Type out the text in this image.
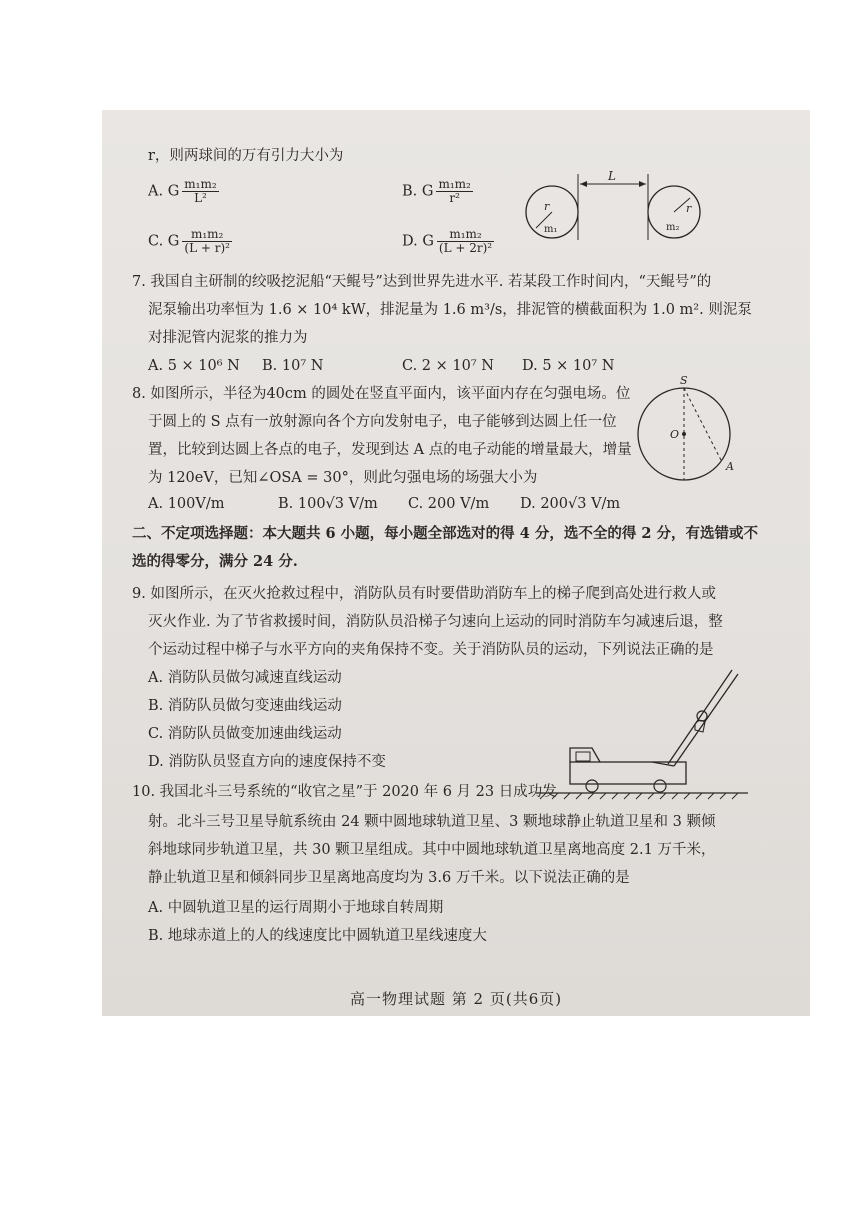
r，则两球间的万有引力大小为
A. G $\frac{\text{m₁m₂}}{\text{L²}}$	B. G $\frac{\text{m₁m₂}}{\text{r²}}$
C. G $\frac{\text{m₁m₂}}{\text{(L + r)²}}$	D. G $\frac{\text{m₁m₂}}{\text{(L + 2r)²}}$
L
r	r
m₁	m₂
7. 我国自主研制的绞吸挖泥船“天鲲号”达到世界先进水平. 若某段工作时间内，“天鲲号”的
泥泵输出功率恒为 1.6 × 10⁴ kW，排泥量为 1.6 m³/s，排泥管的横截面积为 1.0 m². 则泥泵
对排泥管内泥浆的推力为
A. 5 × 10⁶ N B. 10⁷ N	C. 2 × 10⁷ N D. 5 × 10⁷ N
8. 如图所示，半径为40cm 的圆处在竖直平面内，该平面内存在匀强电场。位
于圆上的 S 点有一放射源向各个方向发射电子，电子能够到达圆上任一位
置，比较到达圆上各点的电子，发现到达 A 点的电子动能的增量最大，增量
为 120eV，已知∠OSA = 30°，则此匀强电场的场强大小为
A. 100V/m	B. 100√3 V/m C. 200 V/m D. 200√3 V/m
S
O
A
二、不定项选择题：本大题共 6 小题，每小题全部选对的得 4 分，选不全的得 2 分，有选错或不
选的得零分，满分 24 分.
9. 如图所示，在灭火抢救过程中，消防队员有时要借助消防车上的梯子爬到高处进行救人或
灭火作业. 为了节省救援时间，消防队员沿梯子匀速向上运动的同时消防车匀减速后退，整
个运动过程中梯子与水平方向的夹角保持不变。关于消防队员的运动，下列说法正确的是
A. 消防队员做匀减速直线运动
B. 消防队员做匀变速曲线运动
C. 消防队员做变加速曲线运动
D. 消防队员竖直方向的速度保持不变
10. 我国北斗三号系统的“收官之星”于 2020 年 6 月 23 日成功发
射。北斗三号卫星导航系统由 24 颗中圆地球轨道卫星、3 颗地球静止轨道卫星和 3 颗倾
斜地球同步轨道卫星，共 30 颗卫星组成。其中中圆地球轨道卫星离地高度 2.1 万千米，
静止轨道卫星和倾斜同步卫星离地高度均为 3.6 万千米。以下说法正确的是
A. 中圆轨道卫星的运行周期小于地球自转周期
B. 地球赤道上的人的线速度比中圆轨道卫星线速度大
高一物理试题 第 2 页(共6页)
